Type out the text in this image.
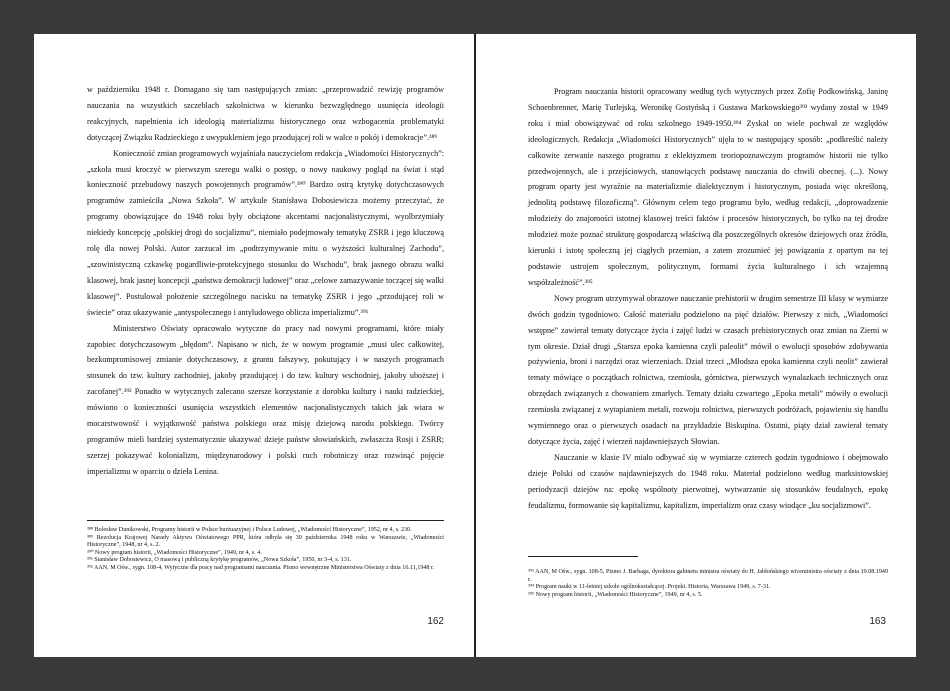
w październiku 1948 r. Domagano się tam następujących zmian: „przeprowadzić rewizję programów nauczania na wszystkich szczeblach szkolnictwa w kierunku bezwzględnego usunięcia ideologii reakcyjnych, napełnienia ich ideologią materializmu historycznego oraz wzbogacenia problematyki dotyczącej Związku Radzieckiego z uwypukleniem jego przodującej roli w walce o pokój i demokracje”.³⁸⁹

Konieczność zmian programowych wyjaśniała nauczycielom redakcja „Wiadomości Historycznych”: „szkoła musi kroczyć w pierwszym szeregu walki o postęp, o nowy naukowy pogląd na świat i stąd konieczność przebudowy naszych powojennych programów”.³⁹⁰ Bardzo ostrą krytykę dotychczasowych programów zamieściła „Nowa Szkoła”. W artykule Stanisława Dobosiewicza możemy przeczytać, że programy obowiązujące do 1948 roku były obciążone akcentami nacjonalistycznymi, wyolbrzymiały niekiedy koncepcję „polskiej drogi do socjalizmu”, niemiało podejmowały tematykę ZSRR i jego kluczową rolę dla nowej Polski. Autor zarzucał im „podtrzymywanie mitu o wyższości kulturalnej Zachodu”, „szowinistyczną czkawkę pogardliwie-protekcyjnego stosunku do Wschodu”, brak jasnego obrazu walki klasowej, brak jasnej koncepcji „państwa demokracji ludowej” oraz „celowe zamazywanie toczącej się walki klasowej”. Postulował położenie szczególnego nacisku na tematykę ZSRR i jego „przodującej roli w świecie” oraz ukazywanie „antyspołecznego i antyludowego oblicza imperializmu”.³⁹¹

Ministerstwo Oświaty opracowało wytyczne do pracy nad nowymi programami, które miały zapobiec dotychczasowym „błędom”. Napisano w nich, że w nowym programie „musi ulec całkowitej, bezkompromisowej zmianie dotychczasowy, z gruntu fałszywy, pokutujący i w naszych programach stosunek do tzw. kultury zachodniej, jakoby przodującej i do tzw. kultury wschodniej, jakoby uboższej i zacofanej”.³⁹² Ponadto w wytycznych zalecano szersze korzystanie z dorobku kultury i nauki radzieckiej, mówiono o konieczności usunięcia wszystkich elementów nacjonalistycznych takich jak wiara w mocarstwowość i wyjątkowość państwa polskiego oraz misję dziejową narodu polskiego. Twórcy programów mieli bardziej systematycznie ukazywać dzieje państw słowiańskich, zwłaszcza Rosji i ZSRR; szerzej pokazywać kolonializm, międzynarodowy i polski ruch robotniczy oraz rozwinąć pojęcie imperializmu w oparciu o dzieła Lenina.

³⁸⁸ Bolesław Dunikowski, Programy historii w Polsce burżuazyjnej i Polsce Ludowej, „Wiadomości Historyczne”, 1952, nr 4, s. 230.

³⁸⁹ Rezolucja Krajowej Narady Aktywu Oświatowego PPR, która odbyła się 30 października 1948 roku w Warszawie, „Wiadomości Historyczne”, 1948, nr 4, s. 2.

³⁹⁰ Nowy program historii, „Wiadomości Historyczne”, 1949, nr 4, s. 4.

³⁹¹ Stanisław Dobosiewicz, O masową i publiczną krytykę programów, „Nowa Szkoła”, 1950, nr 3-4, s. 131.

³⁹² AAN, M Ośw., sygn. 108-4, Wytyczne dla pracy nad programami nauczania. Pismo wewnętrzne Ministerstwa Oświaty z dnia 16.11,1948 r.

162

Program nauczania historii opracowany według tych wytycznych przez Zofię Podkowińską, Janinę Schoenbrenner, Marię Turlejską, Weronikę Gostyńską i Gustawa Markowskiego³⁹³ wydany został w 1949 roku i miał obowiązywać od roku szkolnego 1949-1950.³⁹⁴ Zyskał on wiele pochwał ze względów ideologicznych. Redakcja „Wiadomości Historycznych” ujęła to w następujący sposób: „podkreślić należy całkowite zerwanie naszego programu z eklektyzmem teoriopoznawczym programów historii nie tylko przedwojennych, ale i przejściowych, stanowiących podstawę nauczania do chwili obecnej. (...). Nowy program oparty jest wyraźnie na materializmie dialektycznym i historycznym, posiada więc określoną, jednolitą podstawę filozoficzną”. Głównym celem tego programu było, według redakcji, „doprowadzenie młodzieży do znajomości istotnej klasowej treści faktów i procesów historycznych, bo tylko na tej drodze młodzież może poznać strukturę gospodarczą właściwą dla poszczególnych okresów dziejowych oraz źródła, kierunki i istotę społeczną jej ciągłych przemian, a zatem zrozumieć jej powiązania z opartym na tej podstawie ustrojem społecznym, politycznym, formami życia kulturalnego i ich wzajemną współzależność”.³⁹⁵

Nowy program utrzymywał obrazowe nauczanie prehistorii w drugim semestrze III klasy w wymiarze dwóch godzin tygodniowo. Całość materiału podzielono na pięć działów. Pierwszy z nich, „Wiadomości wstępne” zawierał tematy dotyczące życia i zajęć ludzi w czasach prehistorycznych oraz zmian na Ziemi w tym okresie. Dział drugi „Starsza epoka kamienna czyli paleolit” mówił o ewolucji sposobów zdobywania pożywienia, broni i narzędzi oraz wierzeniach. Dział trzeci „Młodsza epoka kamienna czyli neolit” zawierał tematy mówiące o początkach rolnictwa, rzemiosła, górnictwa, pierwszych wynalazkach technicznych oraz obrzędach związanych z chowaniem zmarłych. Tematy działu czwartego „Epoka metali” mówiły o ewolucji rzemiosła związanej z wytapianiem metali, rozwoju rolnictwa, pierwszych podróżach, pojawieniu się handlu wymiennego oraz o pierwszych osadach na przykładzie Biskupina. Ostatni, piąty dział zawierał tematy dotyczące życia, zajęć i wierzeń najdawniejszych Słowian.

Nauczanie w klasie IV miało odbywać się w wymiarze czterech godzin tygodniowo i obejmowało dzieje Polski od czasów najdawniejszych do 1948 roku. Materiał podzielono według marksistowskiej periodyzacji dziejów na: epokę wspólnoty pierwotnej, wytwarzanie się stosunków feudalnych, epokę feudalizmu, formowanie się kapitalizmu, kapitalizm, imperializm oraz czasy wiodące „ku socjalizmowi”.

³⁹³ AAN, M Ośw., sygn. 108-5, Pismo J. Barbaga, dyrektora gabinetu ministra oświaty do H. Jabłońskiego wiceministra oświaty z dnia 19.08.1949 r.

³⁹⁴ Program nauki w 11-letniej szkole ogólnokształcącej. Projekt. Historia, Warszawa 1949, s. 7-31.

³⁹⁵ Nowy program historii, „Wiadomości Historyczne”, 1949, nr 4, s. 5.

163
